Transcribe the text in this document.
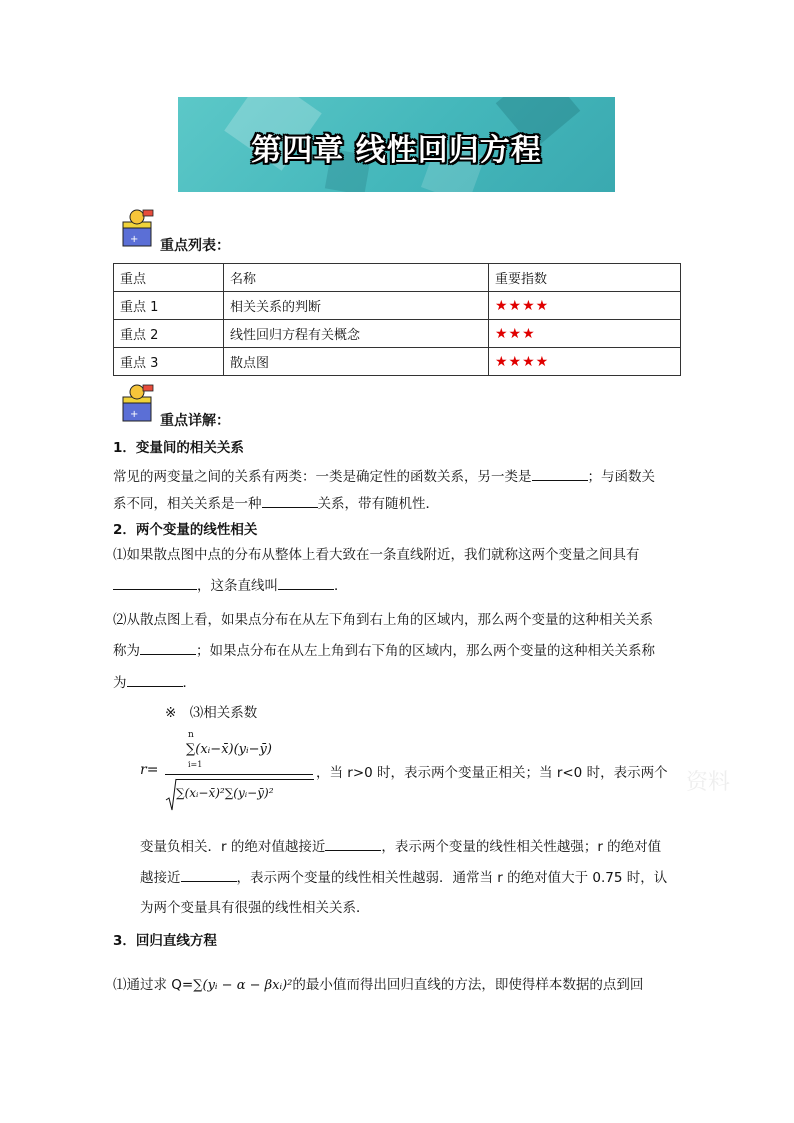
第四章 线性回归方程
+ 重点列表：
重点	名称	重要指数
重点 1	相关关系的判断	★★★★
重点 2	线性回归方程有关概念	★★★
重点 3	散点图	★★★★
+ 重点详解：
1．变量间的相关关系
常见的两变量之间的关系有两类：一类是确定性的函数关系，另一类是	；与函数关
系不同，相关关系是一种	关系，带有随机性．
2．两个变量的线性相关
⑴如果散点图中点的分布从整体上看大致在一条直线附近，我们就称这两个变量之间具有
，这条直线叫	．
⑵从散点图上看，如果点分布在从左下角到右上角的区域内，那么两个变量的这种相关关系
称为	；如果点分布在从左上角到右下角的区域内，那么两个变量的这种相关关系称
为	．
※　⑶相关系数
r=
n
∑(xᵢ−x̄)(yᵢ−ȳ)
i=1
∑(xᵢ−x̄)²∑(yᵢ−ȳ)²
，当 r>0 时，表示两个变量正相关；当 r<0 时，表示两个
变量负相关．r 的绝对值越接近	，表示两个变量的线性相关性越强；r 的绝对值
越接近	，表示两个变量的线性相关性越弱．通常当 r 的绝对值大于 0.75 时，认
为两个变量具有很强的线性相关关系．
3．回归直线方程
⑴通过求 Q=∑(yᵢ − α − βxᵢ)²的最小值而得出回归直线的方法，即使得样本数据的点到回
资料
